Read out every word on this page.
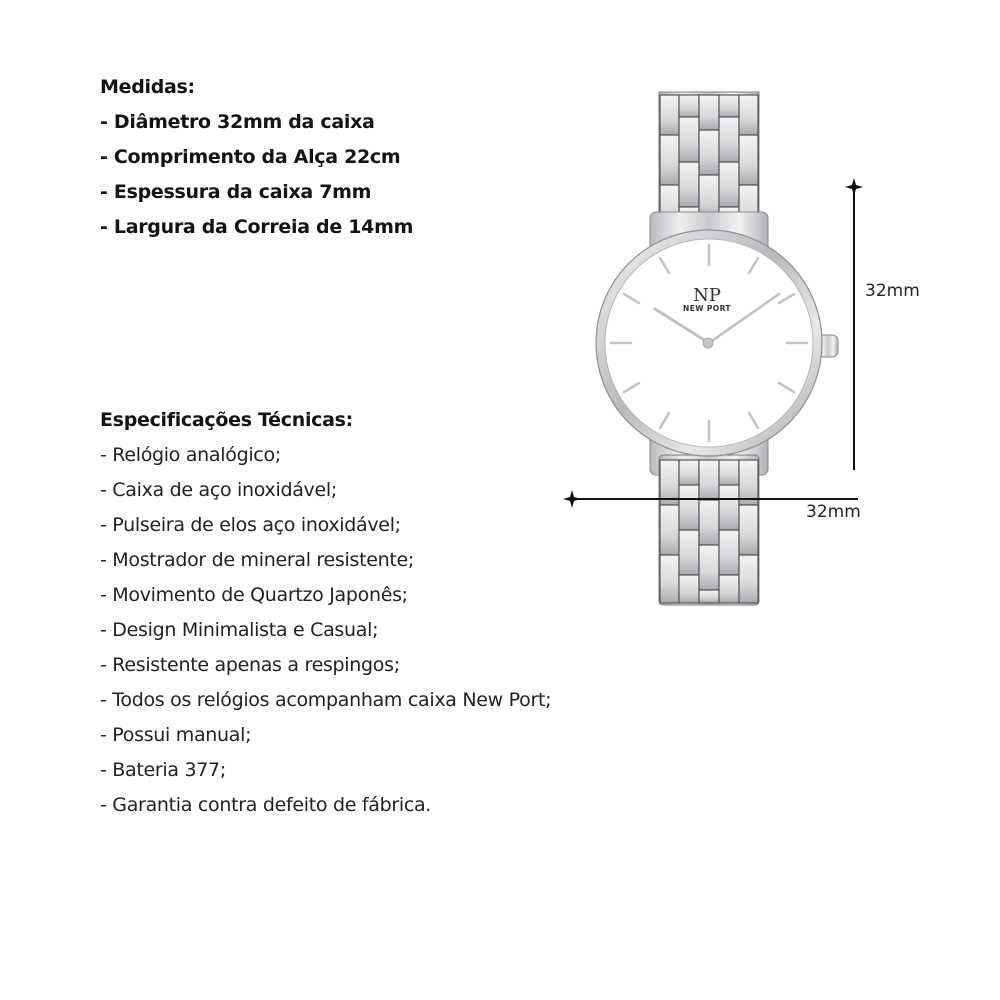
Medidas:
- Diâmetro 32mm da caixa
- Comprimento da Alça 22cm
- Espessura da caixa 7mm
- Largura da Correia de 14mm
Especificações Técnicas:
- Relógio analógico;
- Caixa de aço inoxidável;
- Pulseira de elos aço inoxidável;
- Mostrador de mineral resistente;
- Movimento de Quartzo Japonês;
- Design Minimalista e Casual;
- Resistente apenas a respingos;
- Todos os relógios acompanham caixa New Port;
- Possui manual;
- Bateria 377;
- Garantia contra defeito de fábrica.
NP
NEW PORT
32mm
32mm
